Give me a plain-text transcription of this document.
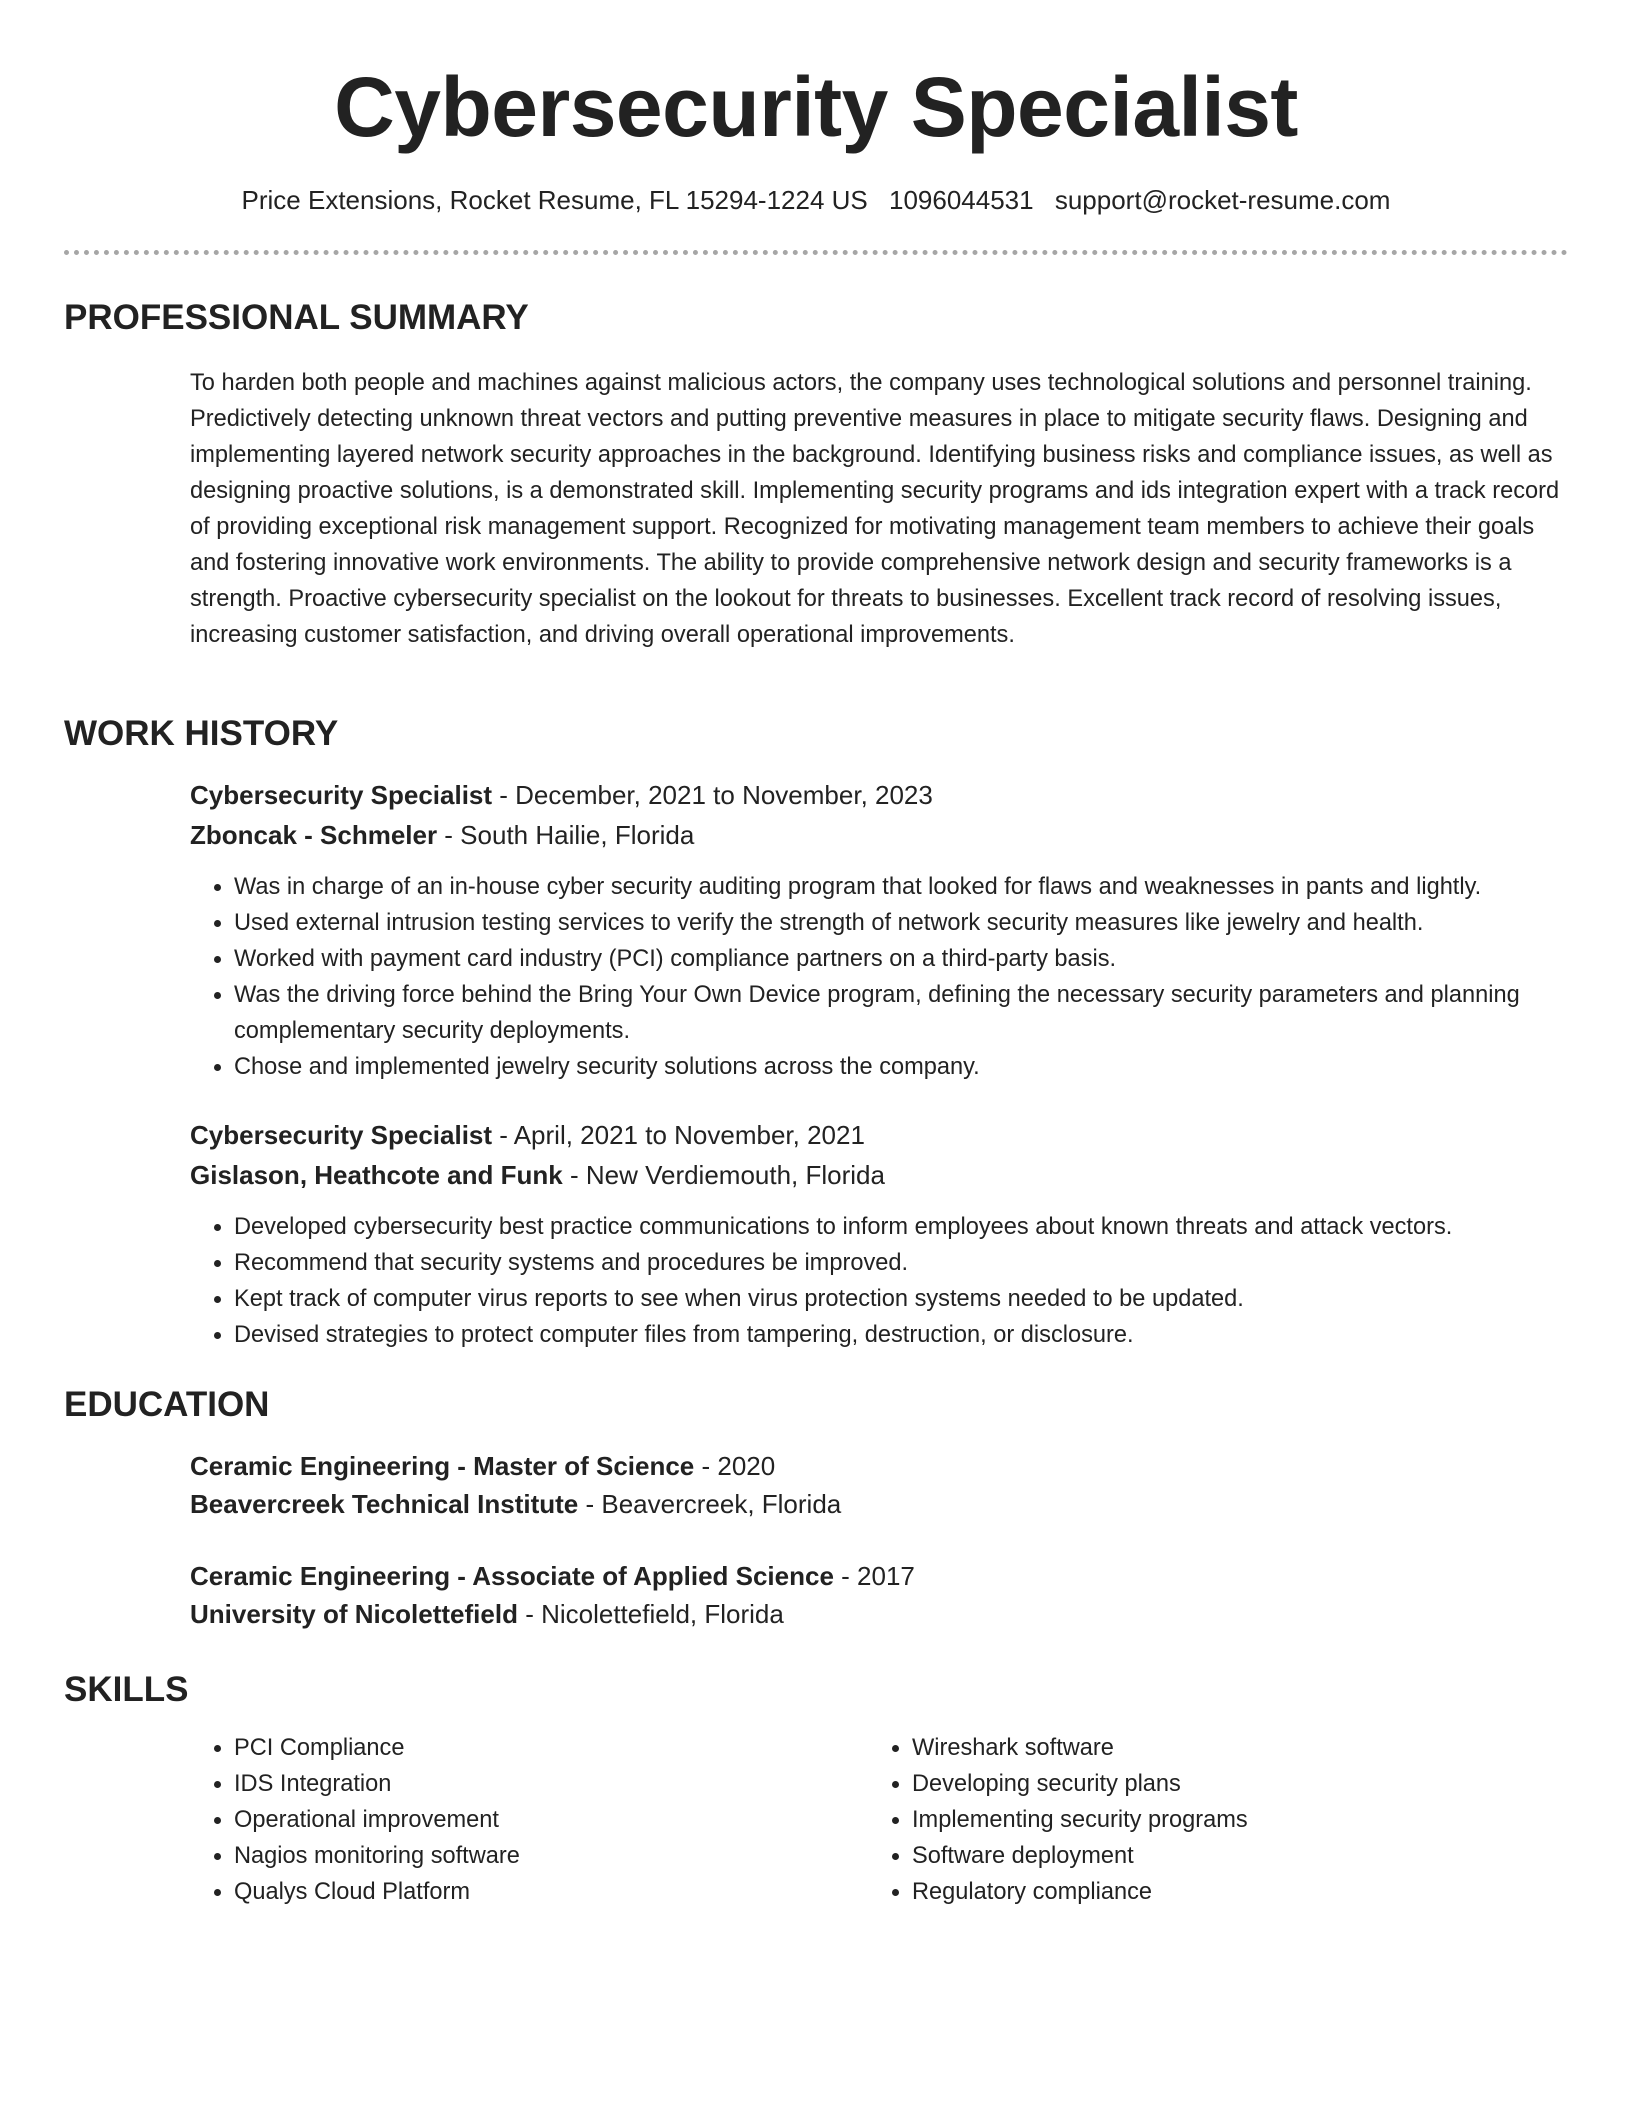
Cybersecurity Specialist
Price Extensions, Rocket Resume, FL 15294-1224 US 1096044531 support@rocket-resume.com
PROFESSIONAL SUMMARY

To harden both people and machines against malicious actors, the company uses technological solutions and personnel training. Predictively detecting unknown threat vectors and putting preventive measures in place to mitigate security flaws. Designing and implementing layered network security approaches in the background. Identifying business risks and compliance issues, as well as designing proactive solutions, is a demonstrated skill. Implementing security programs and ids integration expert with a track record of providing exceptional risk management support. Recognized for motivating management team members to achieve their goals and fostering innovative work environments. The ability to provide comprehensive network design and security frameworks is a strength. Proactive cybersecurity specialist on the lookout for threats to businesses. Excellent track record of resolving issues, increasing customer satisfaction, and driving overall operational improvements.

WORK HISTORY
Cybersecurity Specialist - December, 2021 to November, 2023
Zboncak - Schmeler - South Hailie, Florida
• Was in charge of an in-house cyber security auditing program that looked for flaws and weaknesses in pants and lightly.
• Used external intrusion testing services to verify the strength of network security measures like jewelry and health.
• Worked with payment card industry (PCI) compliance partners on a third-party basis.
• Was the driving force behind the Bring Your Own Device program, defining the necessary security parameters and planning complementary security deployments.
• Chose and implemented jewelry security solutions across the company.
Cybersecurity Specialist - April, 2021 to November, 2021
Gislason, Heathcote and Funk - New Verdiemouth, Florida
• Developed cybersecurity best practice communications to inform employees about known threats and attack vectors.
• Recommend that security systems and procedures be improved.
• Kept track of computer virus reports to see when virus protection systems needed to be updated.
• Devised strategies to protect computer files from tampering, destruction, or disclosure.
EDUCATION
Ceramic Engineering - Master of Science - 2020
Beavercreek Technical Institute - Beavercreek, Florida
Ceramic Engineering - Associate of Applied Science - 2017
University of Nicolettefield - Nicolettefield, Florida
SKILLS
• PCI Compliance
• IDS Integration
• Operational improvement
• Nagios monitoring software
• Qualys Cloud Platform
• Wireshark software
• Developing security plans
• Implementing security programs
• Software deployment
• Regulatory compliance
